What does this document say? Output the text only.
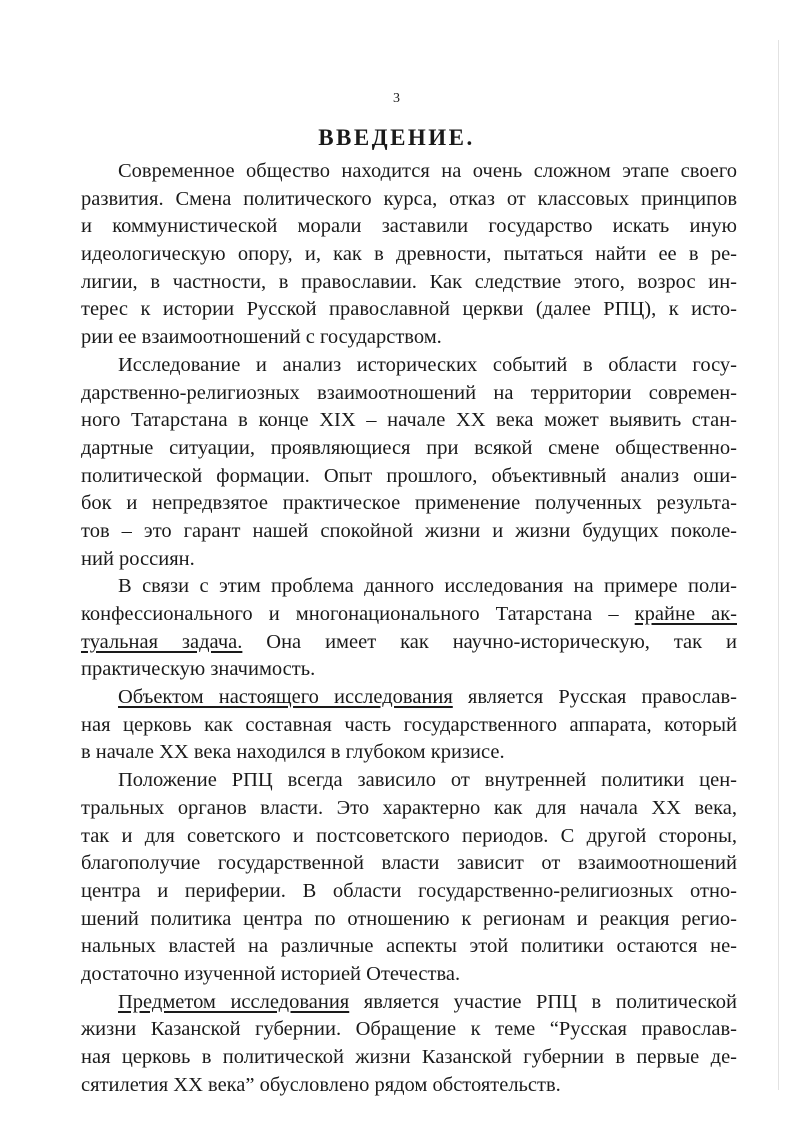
3
ВВЕДЕНИЕ.
Современное общество находится на очень сложном этапе своего
развития. Смена политического курса, отказ от классовых принципов
и коммунистической морали заставили государство искать иную
идеологическую опору, и, как в древности, пытаться найти ее в ре-
лигии, в частности, в православии. Как следствие этого, возрос ин-
терес к истории Русской православной церкви (далее РПЦ), к исто-
рии ее взаимоотношений с государством.
Исследование и анализ исторических событий в области госу-
дарственно-религиозных взаимоотношений на территории современ-
ного Татарстана в конце XIX – начале XX века может выявить стан-
дартные ситуации, проявляющиеся при всякой смене общественно-
политической формации. Опыт прошлого, объективный анализ оши-
бок и непредвзятое практическое применение полученных результа-
тов – это гарант нашей спокойной жизни и жизни будущих поколе-
ний россиян.
В связи с этим проблема данного исследования на примере поли-
конфессионального и многонационального Татарстана – крайне ак-
туальная задача. Она имеет как научно-историческую, так и
практическую значимость.
Объектом настоящего исследования является Русская православ-
ная церковь как составная часть государственного аппарата, который
в начале XX века находился в глубоком кризисе.
Положение РПЦ всегда зависило от внутренней политики цен-
тральных органов власти. Это характерно как для начала XX века,
так и для советского и постсоветского периодов. С другой стороны,
благополучие государственной власти зависит от взаимоотношений
центра и периферии. В области государственно-религиозных отно-
шений политика центра по отношению к регионам и реакция регио-
нальных властей на различные аспекты этой политики остаются не-
достаточно изученной историей Отечества.
Предметом исследования является участие РПЦ в политической
жизни Казанской губернии. Обращение к теме “Русская православ-
ная церковь в политической жизни Казанской губернии в первые де-
сятилетия XX века” обусловлено рядом обстоятельств.
